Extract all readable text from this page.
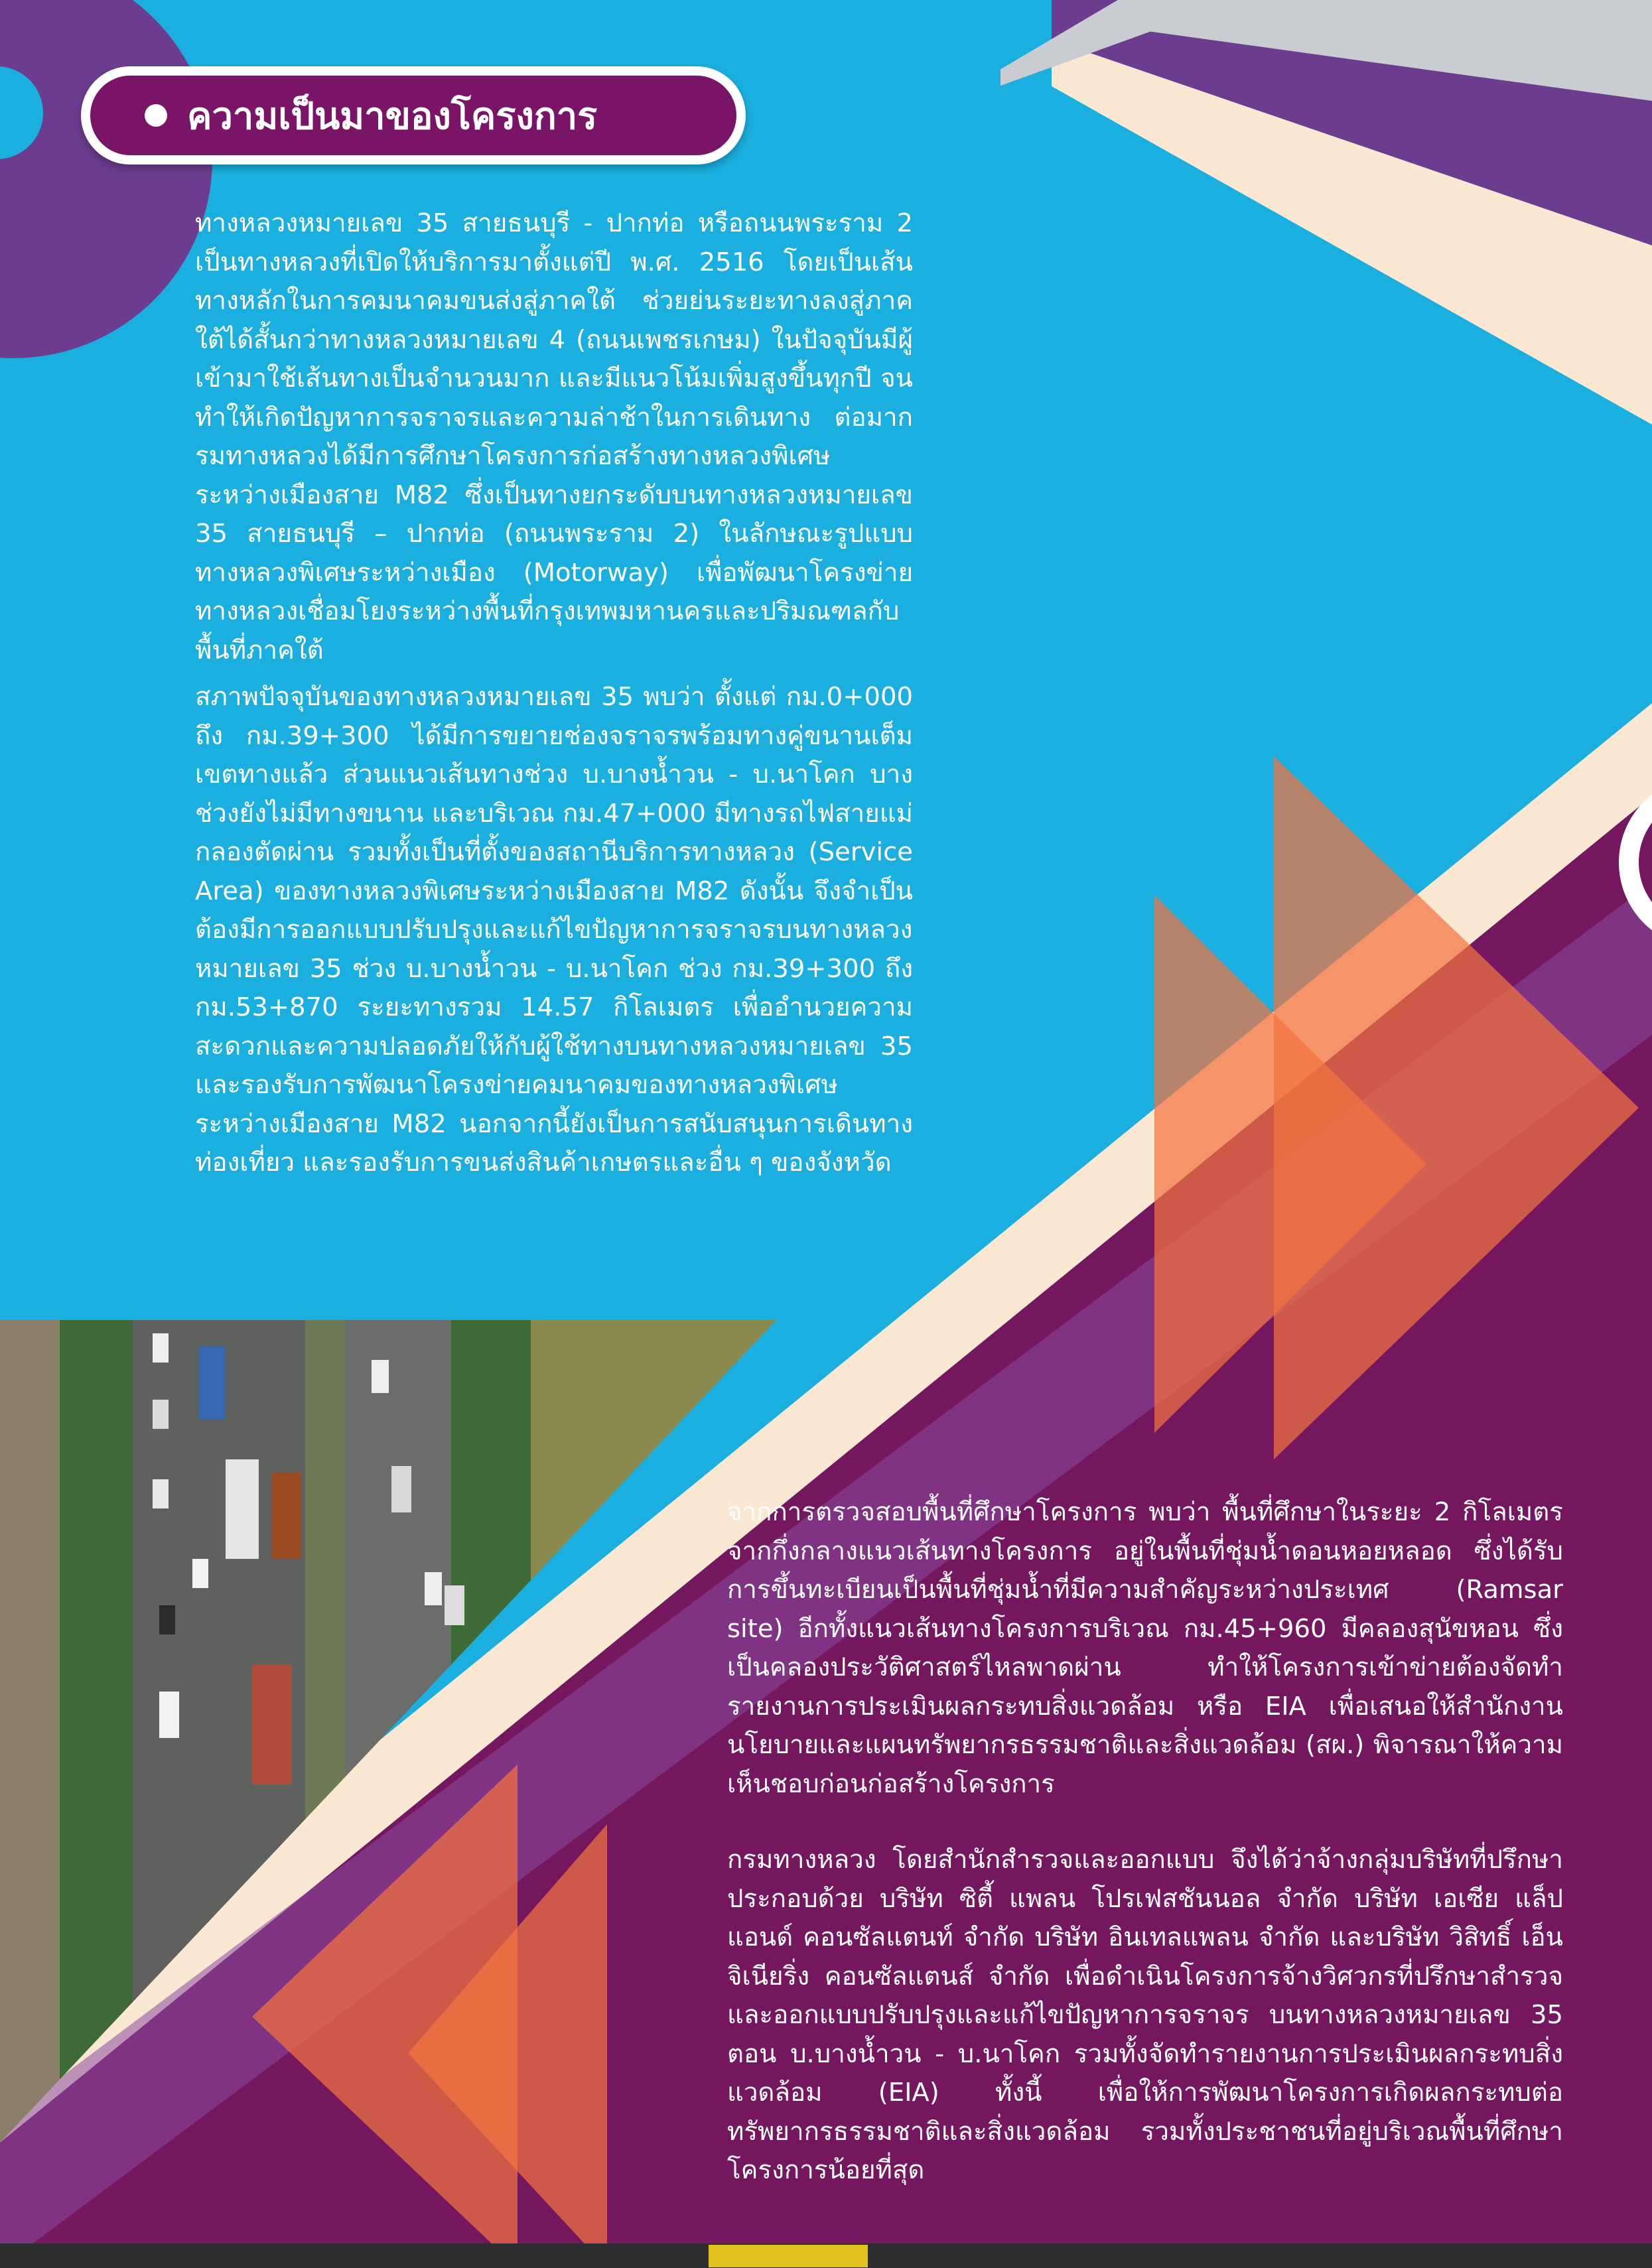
ความเป็นมาของโครงการ

ทางหลวงหมายเลข 35 สายธนบุรี - ปากท่อ หรือถนนพระราม 2 เป็นทางหลวงที่เปิดให้บริการมาตั้งแต่ปี พ.ศ. 2516 โดยเป็นเส้นทางหลักในการคมนาคมขนส่งสู่ภาคใต้ ช่วยย่นระยะทางลงสู่ภาคใต้ได้สั้นกว่าทางหลวงหมายเลข 4 (ถนนเพชรเกษม) ในปัจจุบันมีผู้เข้ามาใช้เส้นทางเป็นจำนวนมาก และมีแนวโน้มเพิ่มสูงขึ้นทุกปี จนทำให้เกิดปัญหาการจราจรและความล่าช้าในการเดินทาง ต่อมากรมทางหลวงได้มีการศึกษาโครงการก่อสร้างทางหลวงพิเศษระหว่างเมืองสาย M82 ซึ่งเป็นทางยกระดับบนทางหลวงหมายเลข 35 สายธนบุรี – ปากท่อ (ถนนพระราม 2) ในลักษณะรูปแบบทางหลวงพิเศษระหว่างเมือง (Motorway) เพื่อพัฒนาโครงข่ายทางหลวงเชื่อมโยงระหว่างพื้นที่กรุงเทพมหานครและปริมณฑลกับพื้นที่ภาคใต้

สภาพปัจจุบันของทางหลวงหมายเลข 35 พบว่า ตั้งแต่ กม.0+000 ถึง กม.39+300 ได้มีการขยายช่องจราจรพร้อมทางคู่ขนานเต็มเขตทางแล้ว ส่วนแนวเส้นทางช่วง บ.บางน้ำวน - บ.นาโคก บางช่วงยังไม่มีทางขนาน และบริเวณ กม.47+000 มีทางรถไฟสายแม่กลองตัดผ่าน รวมทั้งเป็นที่ตั้งของสถานีบริการทางหลวง (Service Area) ของทางหลวงพิเศษระหว่างเมืองสาย M82 ดังนั้น จึงจำเป็นต้องมีการออกแบบปรับปรุงและแก้ไขปัญหาการจราจรบนทางหลวงหมายเลข 35 ช่วง บ.บางน้ำวน - บ.นาโคก ช่วง กม.39+300 ถึง กม.53+870 ระยะทางรวม 14.57 กิโลเมตร เพื่ออำนวยความสะดวกและความปลอดภัยให้กับผู้ใช้ทางบนทางหลวงหมายเลข 35 และรองรับการพัฒนาโครงข่ายคมนาคมของทางหลวงพิเศษระหว่างเมืองสาย M82 นอกจากนี้ยังเป็นการสนับสนุนการเดินทางท่องเที่ยว และรองรับการขนส่งสินค้าเกษตรและอื่น ๆ ของจังหวัด

จากการตรวจสอบพื้นที่ศึกษาโครงการ พบว่า พื้นที่ศึกษาในระยะ 2 กิโลเมตร จากกึ่งกลางแนวเส้นทางโครงการ อยู่ในพื้นที่ชุ่มน้ำดอนหอยหลอด ซึ่งได้รับการขึ้นทะเบียนเป็นพื้นที่ชุ่มน้ำที่มีความสำคัญระหว่างประเทศ (Ramsar site) อีกทั้งแนวเส้นทางโครงการบริเวณ กม.45+960 มีคลองสุนัขหอน ซึ่งเป็นคลองประวัติศาสตร์ไหลพาดผ่าน ทำให้โครงการเข้าข่ายต้องจัดทำรายงานการประเมินผลกระทบสิ่งแวดล้อม หรือ EIA เพื่อเสนอให้สำนักงานนโยบายและแผนทรัพยากรธรรมชาติและสิ่งแวดล้อม (สผ.) พิจารณาให้ความเห็นชอบก่อนก่อสร้างโครงการ

กรมทางหลวง โดยสำนักสำรวจและออกแบบ จึงได้ว่าจ้างกลุ่มบริษัทที่ปรึกษาประกอบด้วย บริษัท ซิตี้ แพลน โปรเฟสชันนอล จำกัด บริษัท เอเซีย แล็ป แอนด์ คอนซัลแตนท์ จำกัด บริษัท อินเทลแพลน จำกัด และบริษัท วิสิทธิ์ เอ็นจิเนียริ่ง คอนซัลแตนส์ จำกัด เพื่อดำเนินโครงการจ้างวิศวกรที่ปรึกษาสำรวจและออกแบบปรับปรุงและแก้ไขปัญหาการจราจร บนทางหลวงหมายเลข 35 ตอน บ.บางน้ำวน - บ.นาโคก รวมทั้งจัดทำรายงานการประเมินผลกระทบสิ่งแวดล้อม (EIA) ทั้งนี้ เพื่อให้การพัฒนาโครงการเกิดผลกระทบต่อทรัพยากรธรรมชาติและสิ่งแวดล้อม รวมทั้งประชาชนที่อยู่บริเวณพื้นที่ศึกษาโครงการน้อยที่สุด
